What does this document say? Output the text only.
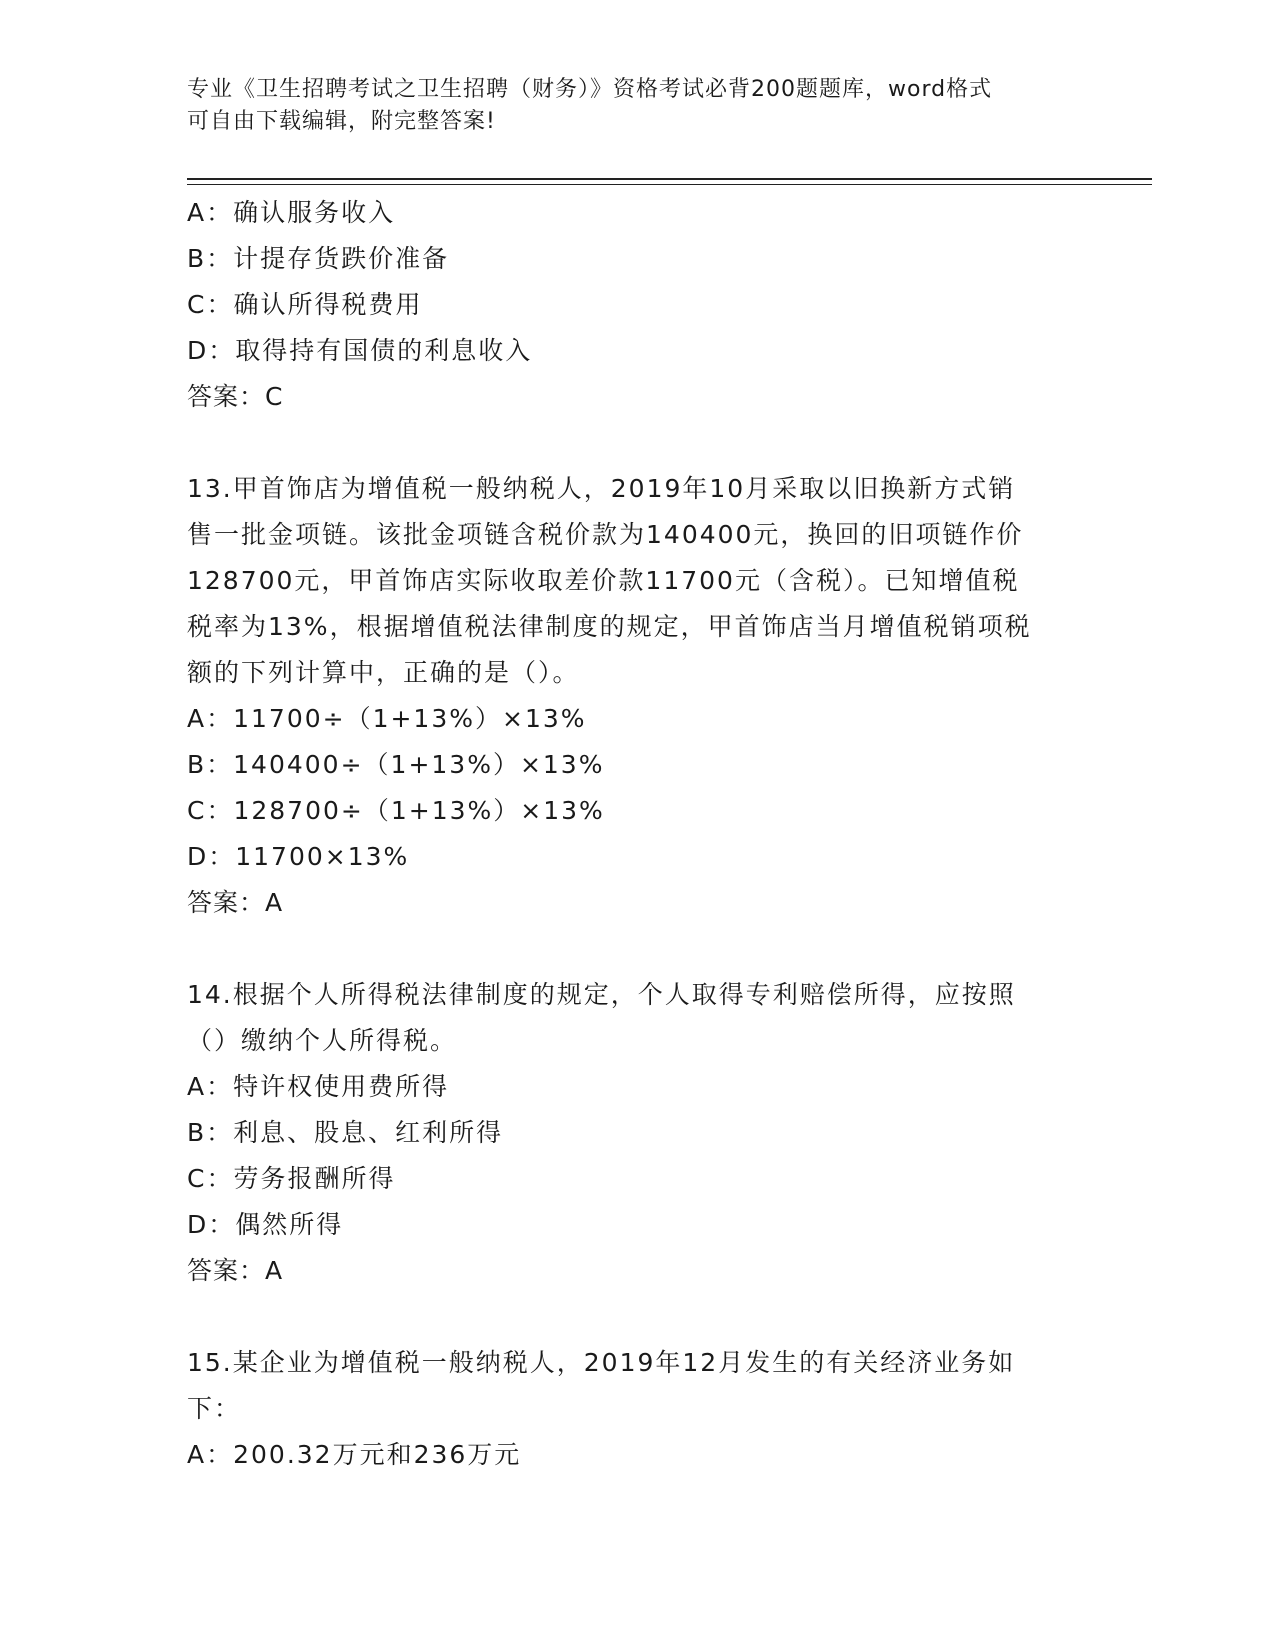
专业《卫生招聘考试之卫生招聘（财务）》资格考试必背200题题库，word格式
可自由下载编辑，附完整答案!
A：确认服务收入
B：计提存货跌价准备
C：确认所得税费用
D：取得持有国债的利息收入
答案：C
13.甲首饰店为增值税一般纳税人，2019年10月采取以旧换新方式销
售一批金项链。该批金项链含税价款为140400元，换回的旧项链作价
128700元，甲首饰店实际收取差价款11700元（含税）。已知增值税
税率为13%，根据增值税法律制度的规定，甲首饰店当月增值税销项税
额的下列计算中，正确的是（）。
A：11700÷（1+13%）×13%
B：140400÷（1+13%）×13%
C：128700÷（1+13%）×13%
D：11700×13%
答案：A
14.根据个人所得税法律制度的规定，个人取得专利赔偿所得，应按照
（）缴纳个人所得税。
A：特许权使用费所得
B：利息、股息、红利所得
C：劳务报酬所得
D：偶然所得
答案：A
15.某企业为增值税一般纳税人，2019年12月发生的有关经济业务如
下：
A：200.32万元和236万元
